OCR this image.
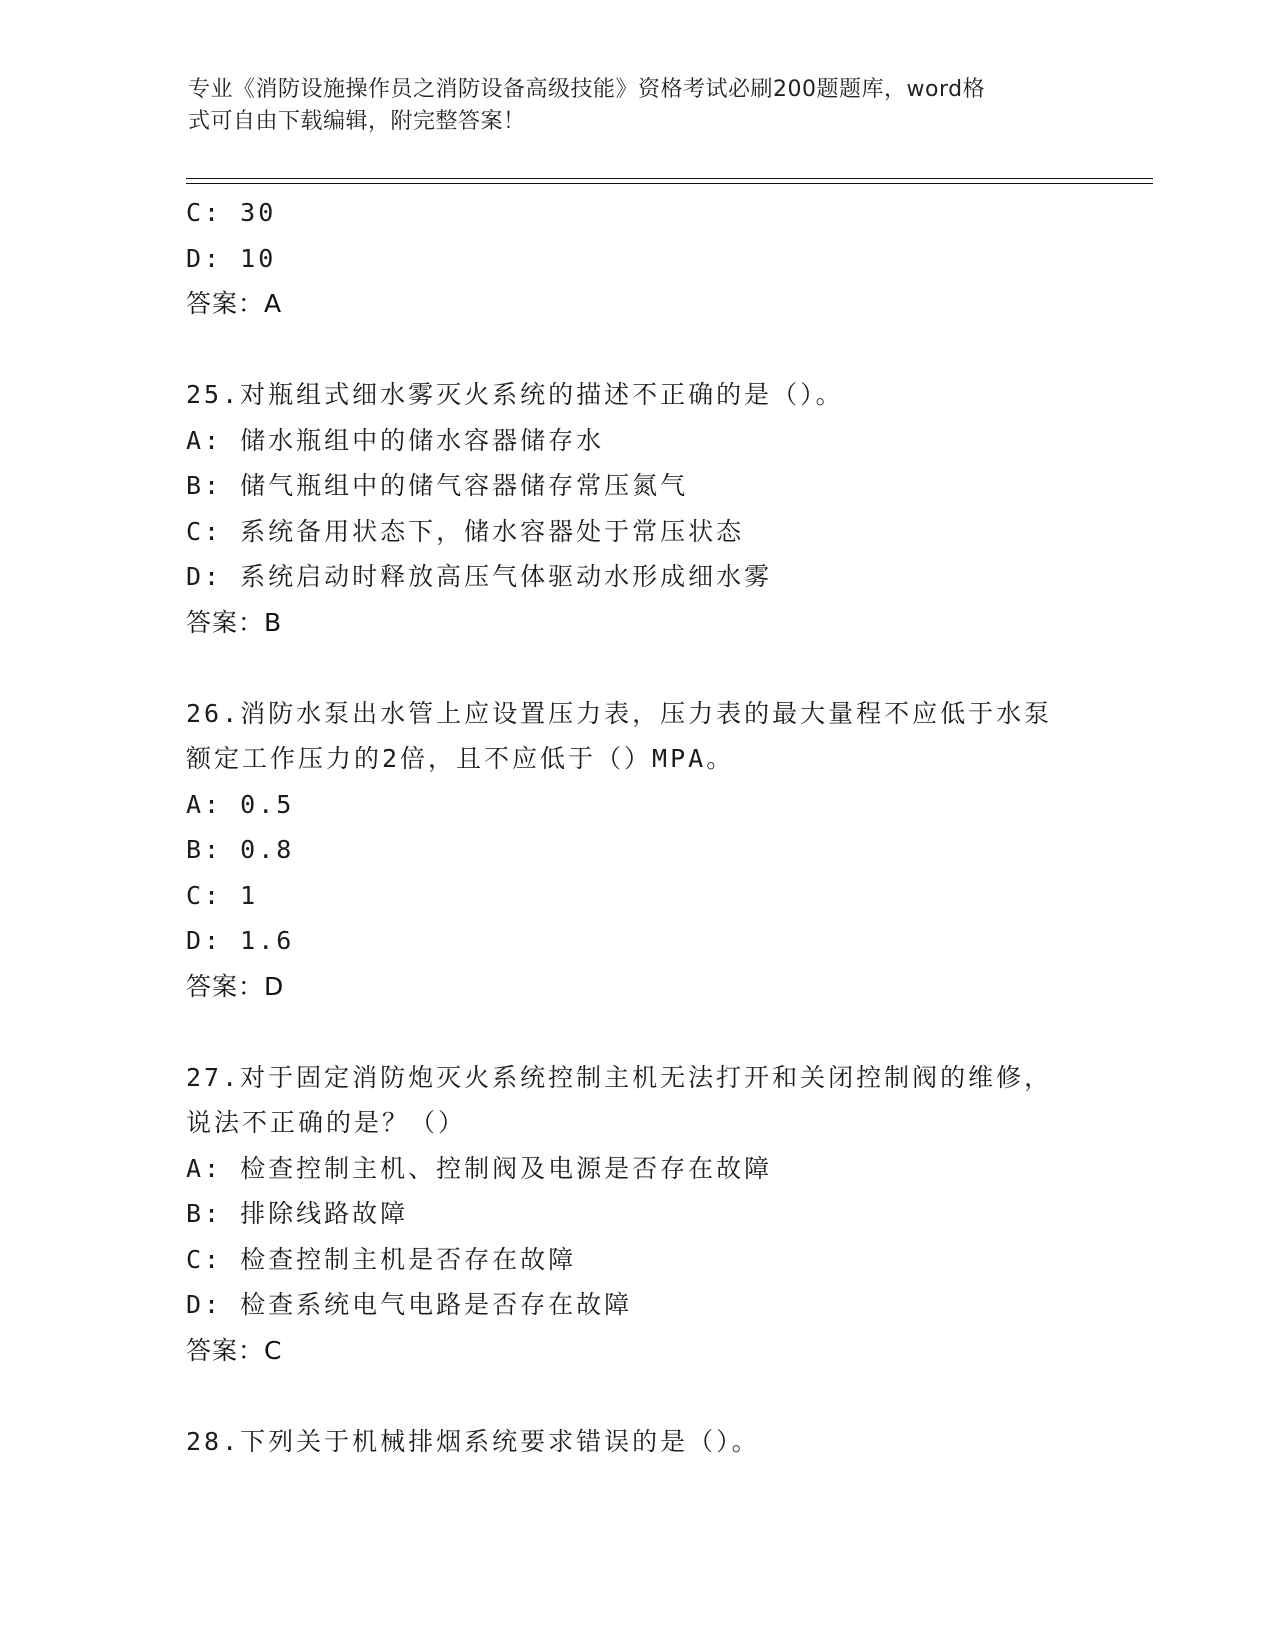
专业《消防设施操作员之消防设备高级技能》资格考试必刷200题题库，word格
式可自由下载编辑，附完整答案！
C: 30
D: 10
答案：A
25.对瓶组式细水雾灭火系统的描述不正确的是（）。
A: 储水瓶组中的储水容器储存水
B: 储气瓶组中的储气容器储存常压氮气
C: 系统备用状态下，储水容器处于常压状态
D: 系统启动时释放高压气体驱动水形成细水雾
答案：B
26.消防水泵出水管上应设置压力表，压力表的最大量程不应低于水泵
额定工作压力的2倍，且不应低于（）MPA。
A: 0.5
B: 0.8
C: 1
D: 1.6
答案：D
27.对于固定消防炮灭火系统控制主机无法打开和关闭控制阀的维修，
说法不正确的是？（）
A: 检查控制主机、控制阀及电源是否存在故障
B: 排除线路故障
C: 检查控制主机是否存在故障
D: 检查系统电气电路是否存在故障
答案：C
28.下列关于机械排烟系统要求错误的是（）。
